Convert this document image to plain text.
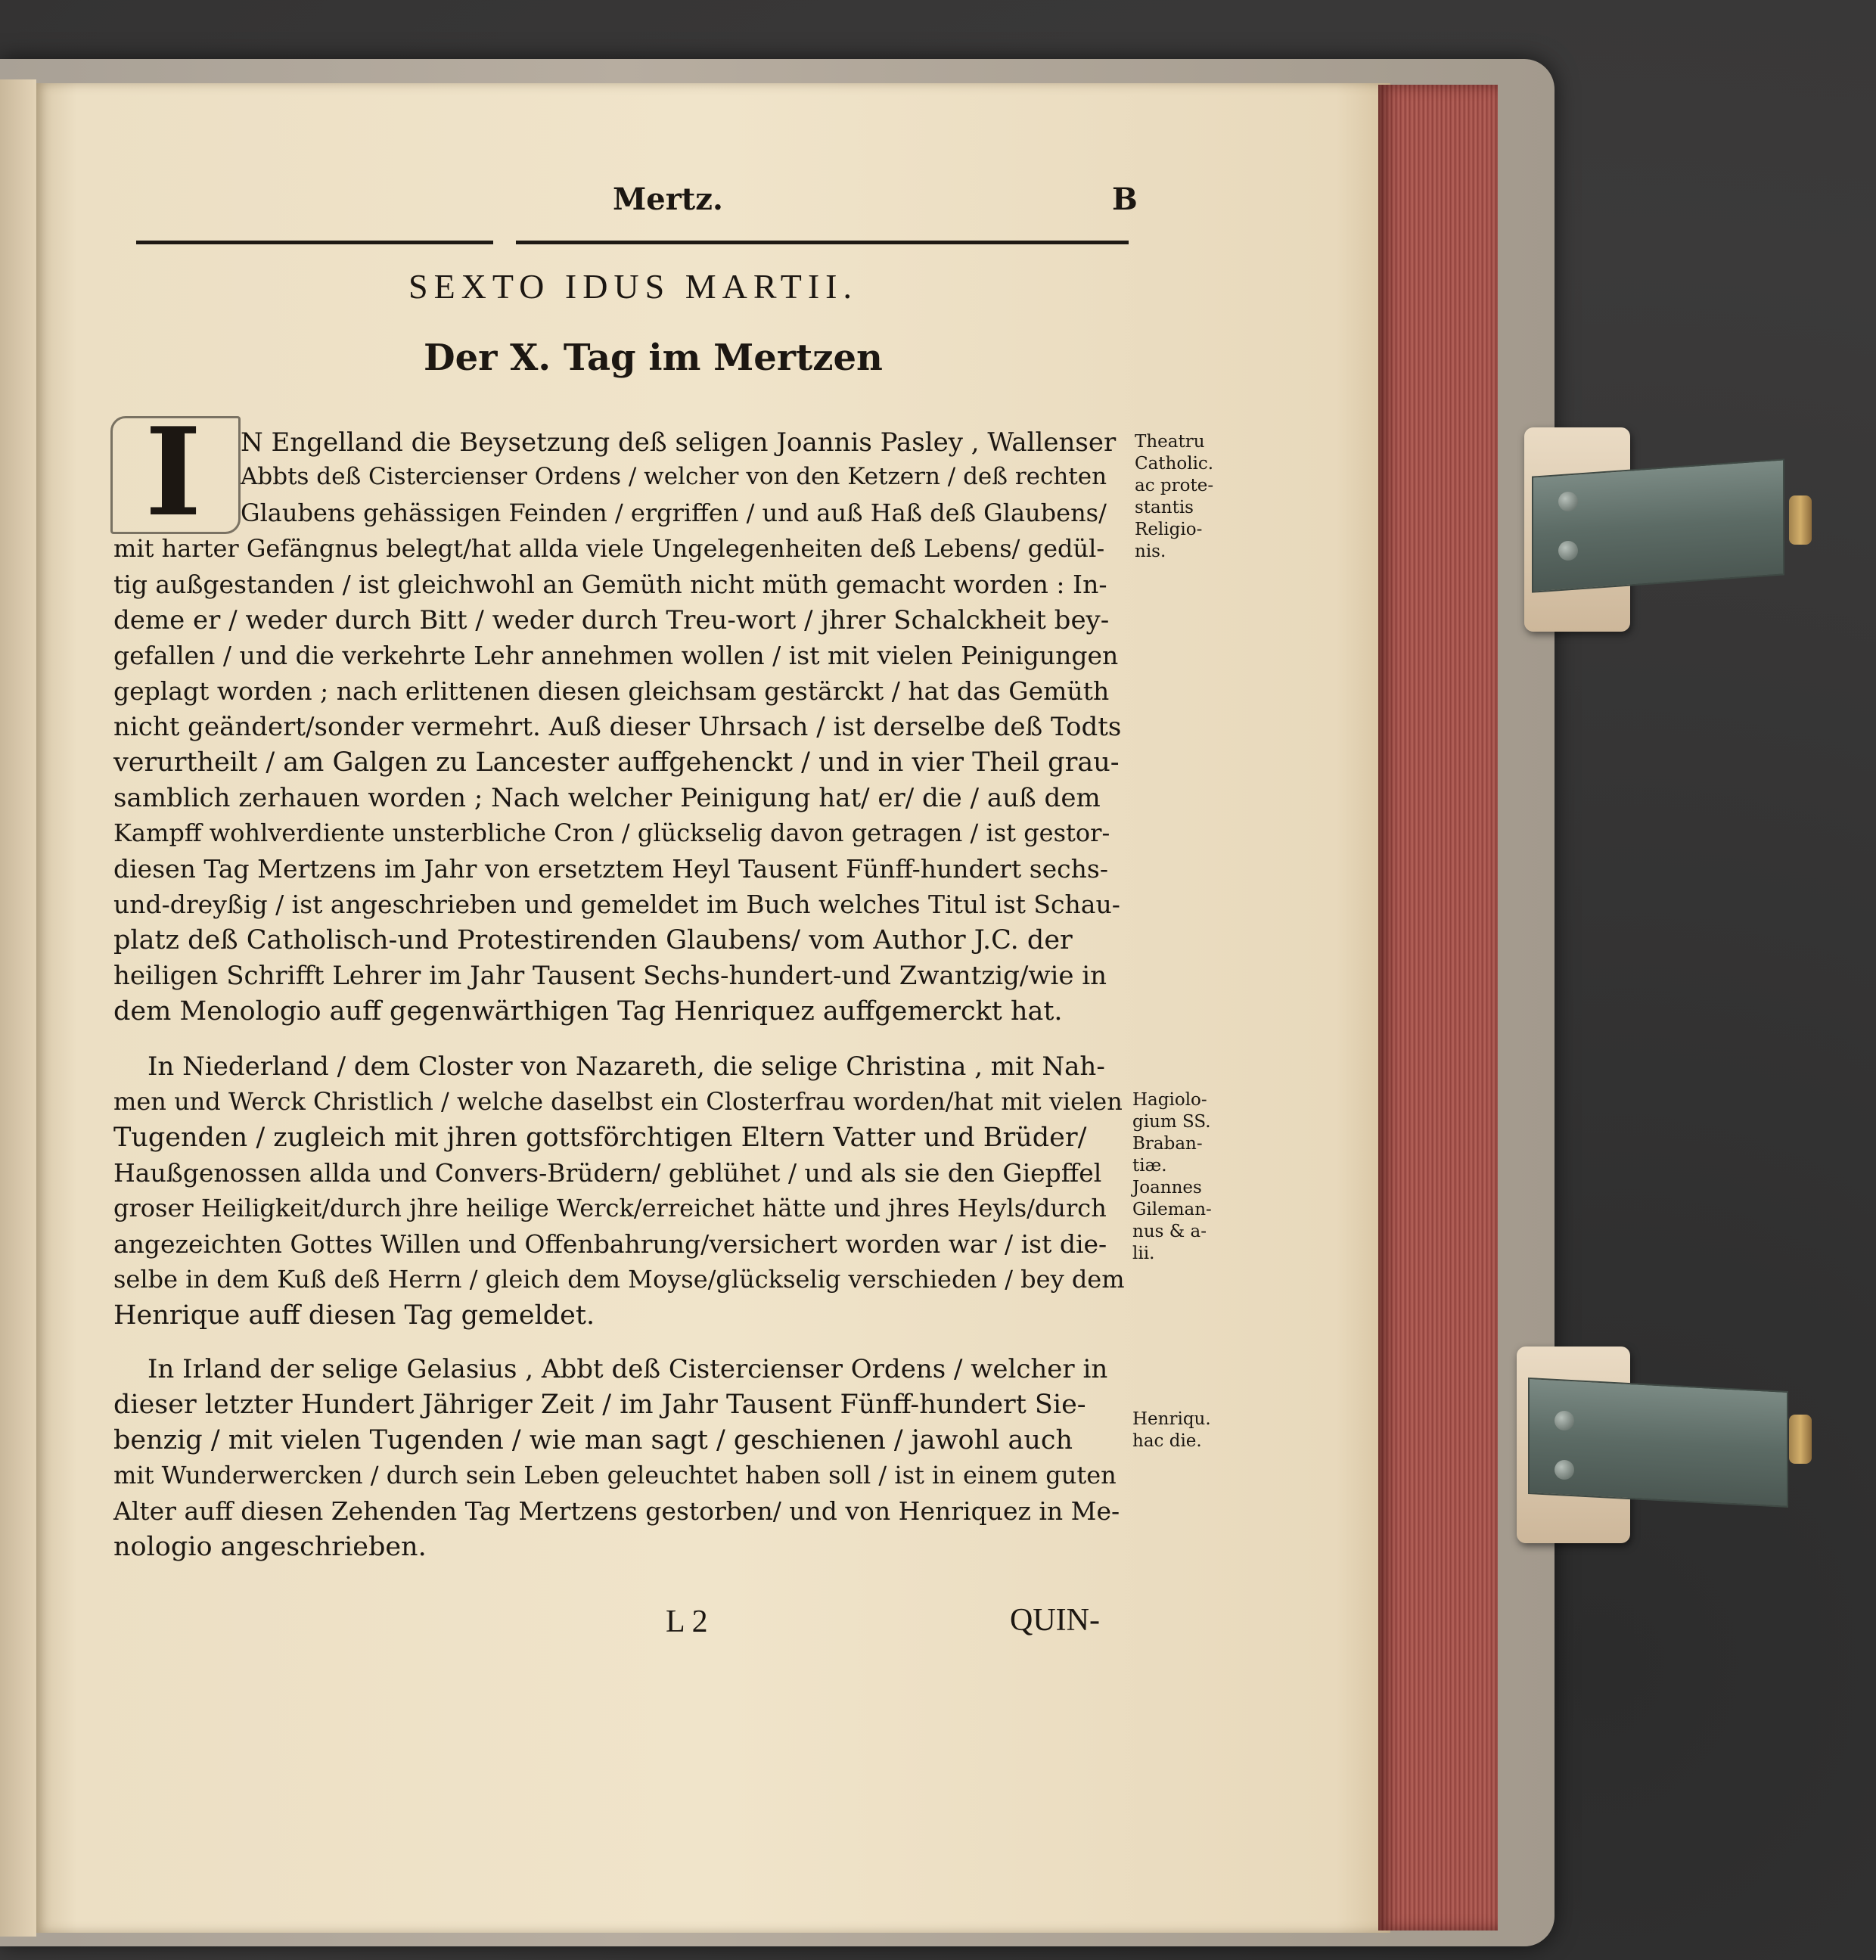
Mertz.	B
SEXTO IDUS MARTII.
Der X. Tag im Mertzen
I	N Engelland die Beysetzung deß seligen Joannis Pasley , Wallenser
Abbts deß Cistercienser Ordens / welcher von den Ketzern / deß rechten
Glaubens gehässigen Feinden / ergriffen / und auß Haß deß Glaubens/
mit harter Gefängnus belegt/hat allda viele Ungelegenheiten deß Lebens/ gedül-
tig außgestanden / ist gleichwohl an Gemüth nicht müth gemacht worden : In-
deme er / weder durch Bitt / weder durch Treu-wort / jhrer Schalckheit bey-
gefallen / und die verkehrte Lehr annehmen wollen / ist mit vielen Peinigungen
geplagt worden ; nach erlittenen diesen gleichsam gestärckt / hat das Gemüth
nicht geändert/sonder vermehrt. Auß dieser Uhrsach / ist derselbe deß Todts
verurtheilt / am Galgen zu Lancester auffgehenckt / und in vier Theil grau-
samblich zerhauen worden ; Nach welcher Peinigung hat/ er/ die / auß dem
Kampff wohlverdiente unsterbliche Cron / glückselig davon getragen / ist gestor-
diesen Tag Mertzens im Jahr von ersetztem Heyl Tausent Fünff-hundert sechs-
und-dreyßig / ist angeschrieben und gemeldet im Buch welches Titul ist Schau-
platz deß Catholisch-und Protestirenden Glaubens/ vom Author J.C. der
heiligen Schrifft Lehrer im Jahr Tausent Sechs-hundert-und Zwantzig/wie in
dem Menologio auff gegenwärthigen Tag Henriquez auffgemerckt hat.
In Niederland / dem Closter von Nazareth, die selige Christina , mit Nah-
men und Werck Christlich / welche daselbst ein Closterfrau worden/hat mit vielen
Tugenden / zugleich mit jhren gottsförchtigen Eltern Vatter und Brüder/
Haußgenossen allda und Convers-Brüdern/ geblühet / und als sie den Giepffel
groser Heiligkeit/durch jhre heilige Werck/erreichet hätte und jhres Heyls/durch
angezeichten Gottes Willen und Offenbahrung/versichert worden war / ist die-
selbe in dem Kuß deß Herrn / gleich dem Moyse/glückselig verschieden / bey dem
Henrique auff diesen Tag gemeldet.
In Irland der selige Gelasius , Abbt deß Cistercienser Ordens / welcher in
dieser letzter Hundert Jähriger Zeit / im Jahr Tausent Fünff-hundert Sie-
benzig / mit vielen Tugenden / wie man sagt / geschienen / jawohl auch
mit Wunderwercken / durch sein Leben geleuchtet haben soll / ist in einem guten
Alter auff diesen Zehenden Tag Mertzens gestorben/ und von Henriquez in Me-
nologio angeschrieben.
Theatru
Catholic.
ac prote-
stantis
Religio-
nis.
Hagiolo-
gium SS.
Braban-
tiæ.
Joannes
Gileman-
nus & a-
lii.
Henriqu.
hac die.
L 2	QUIN-
